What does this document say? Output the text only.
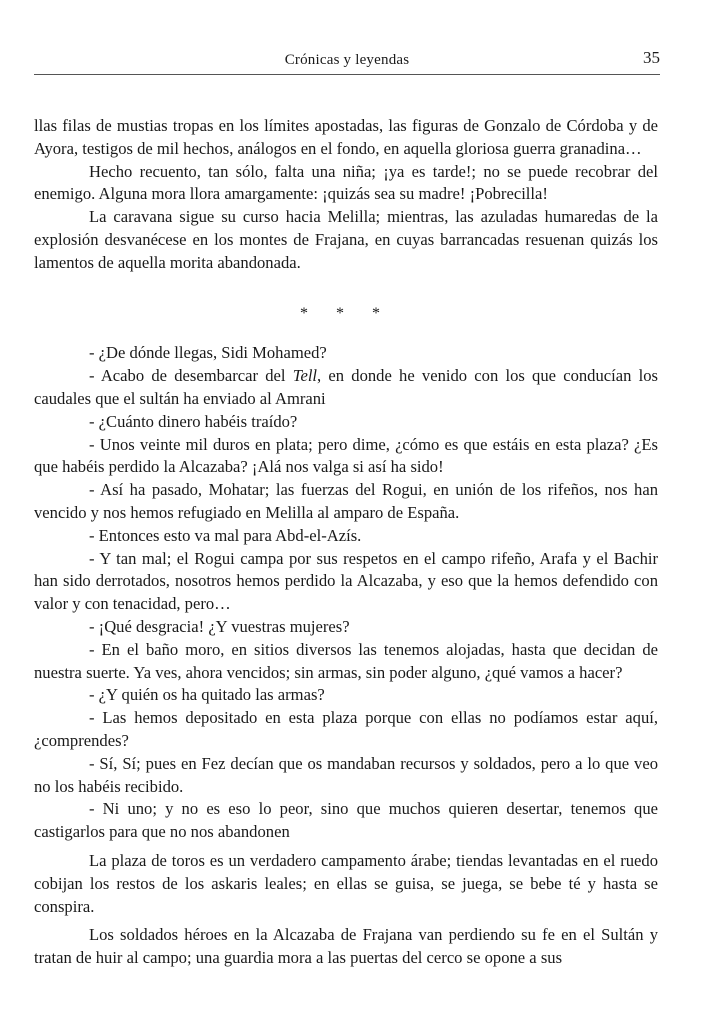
Crónicas y leyendas	35

llas filas de mustias tropas en los límites apostadas, las figuras de Gonzalo de Córdoba y de Ayora, testigos de mil hechos, análogos en el fondo, en aquella gloriosa guerra granadina…

Hecho recuento, tan sólo, falta una niña; ¡ya es tarde!; no se puede recobrar del enemigo. Alguna mora llora amargamente: ¡quizás sea su madre! ¡Pobrecilla!

La caravana sigue su curso hacia Melilla; mientras, las azuladas humaredas de la explosión desvanécese en los montes de Frajana, en cuyas barrancadas resuenan quizás los lamentos de aquella morita abandonada.

* * *

- ¿De dónde llegas, Sidi Mohamed?

- Acabo de desembarcar del Tell, en donde he venido con los que conducían los caudales que el sultán ha enviado al Amrani

- ¿Cuánto dinero habéis traído?

- Unos veinte mil duros en plata; pero dime, ¿cómo es que estáis en esta plaza? ¿Es que habéis perdido la Alcazaba? ¡Alá nos valga si así ha sido!

- Así ha pasado, Mohatar; las fuerzas del Rogui, en unión de los rifeños, nos han vencido y nos hemos refugiado en Melilla al amparo de España.

- Entonces esto va mal para Abd-el-Azís.

- Y tan mal; el Rogui campa por sus respetos en el campo rifeño, Arafa y el Bachir han sido derrotados, nosotros hemos perdido la Alcazaba, y eso que la hemos defendido con valor y con tenacidad, pero…

- ¡Qué desgracia! ¿Y vuestras mujeres?

- En el baño moro, en sitios diversos las tenemos alojadas, hasta que decidan de nuestra suerte. Ya ves, ahora vencidos; sin armas, sin poder alguno, ¿qué vamos a hacer?

- ¿Y quién os ha quitado las armas?

- Las hemos depositado en esta plaza porque con ellas no podíamos estar aquí, ¿comprendes?

- Sí, Sí; pues en Fez decían que os mandaban recursos y soldados, pero a lo que veo no los habéis recibido.

- Ni uno; y no es eso lo peor, sino que muchos quieren desertar, tenemos que castigarlos para que no nos abandonen

La plaza de toros es un verdadero campamento árabe; tiendas levantadas en el ruedo cobijan los restos de los askaris leales; en ellas se guisa, se juega, se bebe té y hasta se conspira.

Los soldados héroes en la Alcazaba de Frajana van perdiendo su fe en el Sultán y tratan de huir al campo; una guardia mora a las puertas del cerco se opone a sus
